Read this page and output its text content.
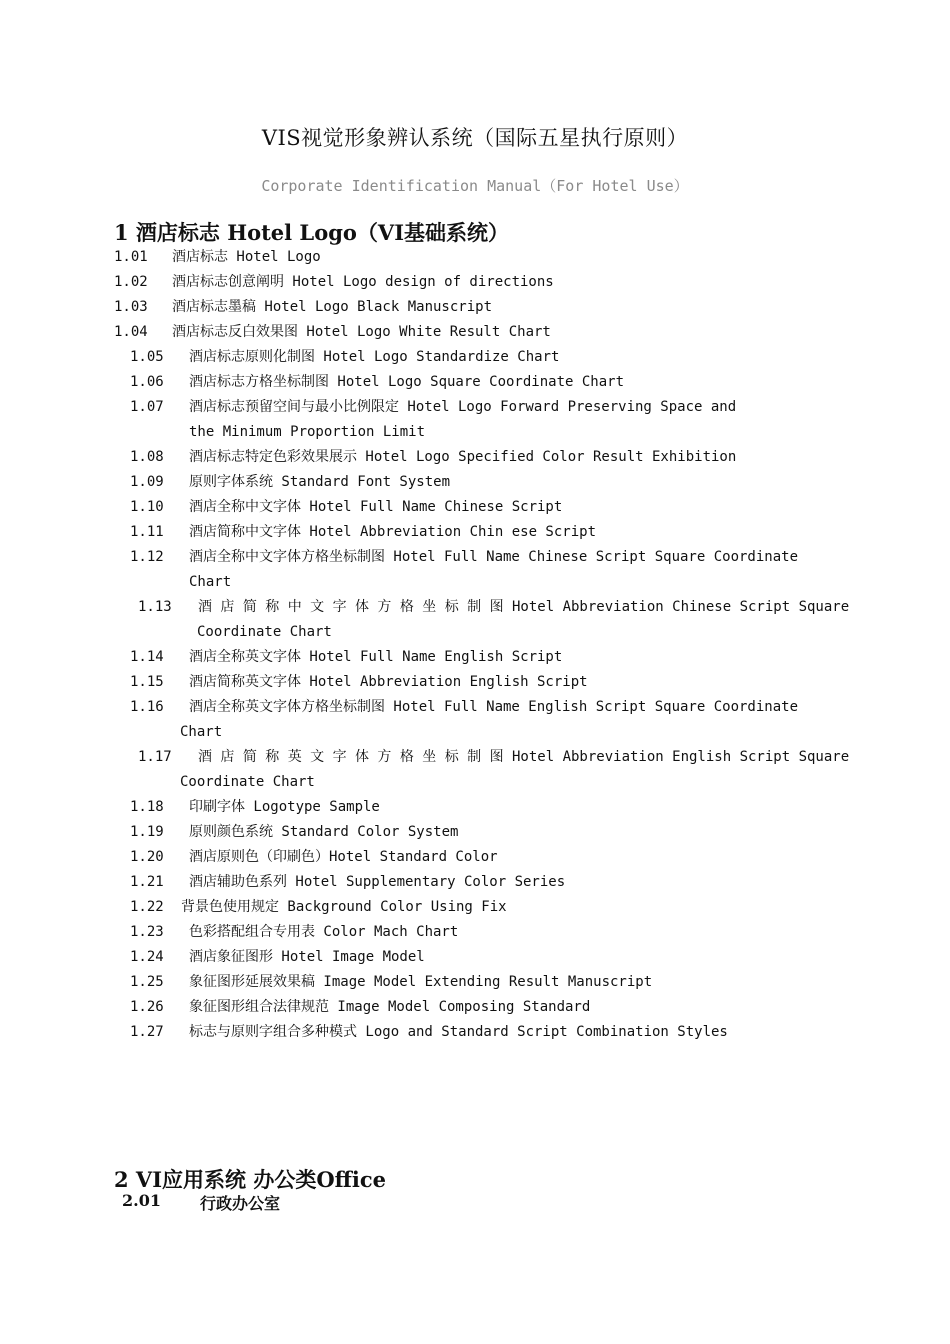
VIS视觉形象辨认系统（国际五星执行原则）
Corporate Identification Manual（For Hotel Use）
1 酒店标志 Hotel Logo（VI基础系统）
1.01 酒店标志 Hotel Logo
1.02 酒店标志创意阐明 Hotel Logo design of directions
1.03 酒店标志墨稿 Hotel Logo Black Manuscript
1.04 酒店标志反白效果图 Hotel Logo White Result Chart
1.05 酒店标志原则化制图 Hotel Logo Standardize Chart
1.06 酒店标志方格坐标制图 Hotel Logo Square Coordinate Chart
1.07 酒店标志预留空间与最小比例限定 Hotel Logo Forward Preserving Space and
the Minimum Proportion Limit
1.08 酒店标志特定色彩效果展示 Hotel Logo Specified Color Result Exhibition
1.09 原则字体系统 Standard Font System
1.10 酒店全称中文字体 Hotel Full Name Chinese Script
1.11 酒店简称中文字体 Hotel Abbreviation Chin ese Script
1.12 酒店全称中文字体方格坐标制图 Hotel Full Name Chinese Script Square Coordinate
Chart
1.13 酒 店 简 称 中 文 字 体 方 格 坐 标 制 图 Hotel Abbreviation Chinese Script Square
Coordinate Chart
1.14 酒店全称英文字体 Hotel Full Name English Script
1.15 酒店简称英文字体 Hotel Abbreviation English Script
1.16 酒店全称英文字体方格坐标制图 Hotel Full Name English Script Square Coordinate
Chart
1.17 酒 店 简 称 英 文 字 体 方 格 坐 标 制 图 Hotel Abbreviation English Script Square
Coordinate Chart
1.18 印刷字体 Logotype Sample
1.19 原则颜色系统 Standard Color System
1.20 酒店原则色（印刷色）Hotel Standard Color
1.21 酒店辅助色系列 Hotel Supplementary Color Series
1.22 背景色使用规定 Background Color Using Fix
1.23 色彩搭配组合专用表 Color Mach Chart
1.24 酒店象征图形 Hotel Image Model
1.25 象征图形延展效果稿 Image Model Extending Result Manuscript
1.26 象征图形组合法律规范 Image Model Composing Standard
1.27 标志与原则字组合多种模式 Logo and Standard Script Combination Styles
2 VI应用系统 办公类Office
2.01 行政办公室
